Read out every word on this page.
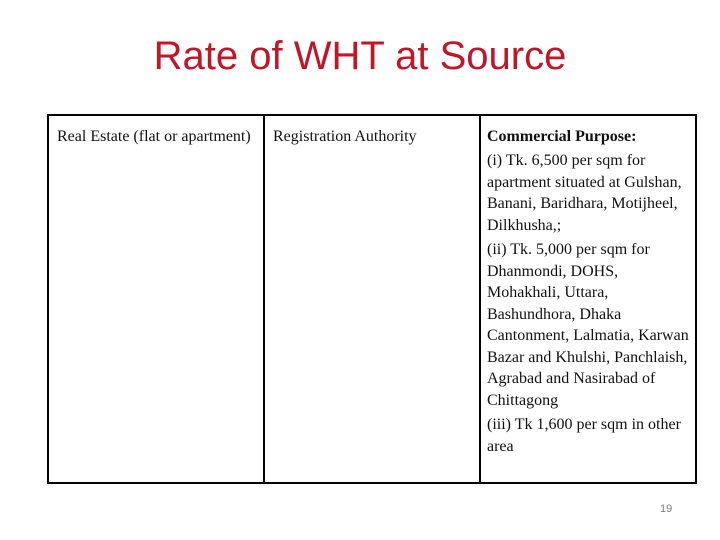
Rate of WHT at Source
Real Estate (flat or apartment)	Registration Authority	Commercial Purpose:
(i) Tk. 6,500 per sqm for apartment situated at Gulshan, Banani, Baridhara, Motijheel, Dilkhusha,;
(ii) Tk. 5,000 per sqm for Dhanmondi, DOHS, Mohakhali, Uttara, Bashundhora, Dhaka Cantonment, Lalmatia, Karwan Bazar and Khulshi, Panchlaish, Agrabad and Nasirabad of Chittagong
(iii) Tk 1,600 per sqm in other area
19
